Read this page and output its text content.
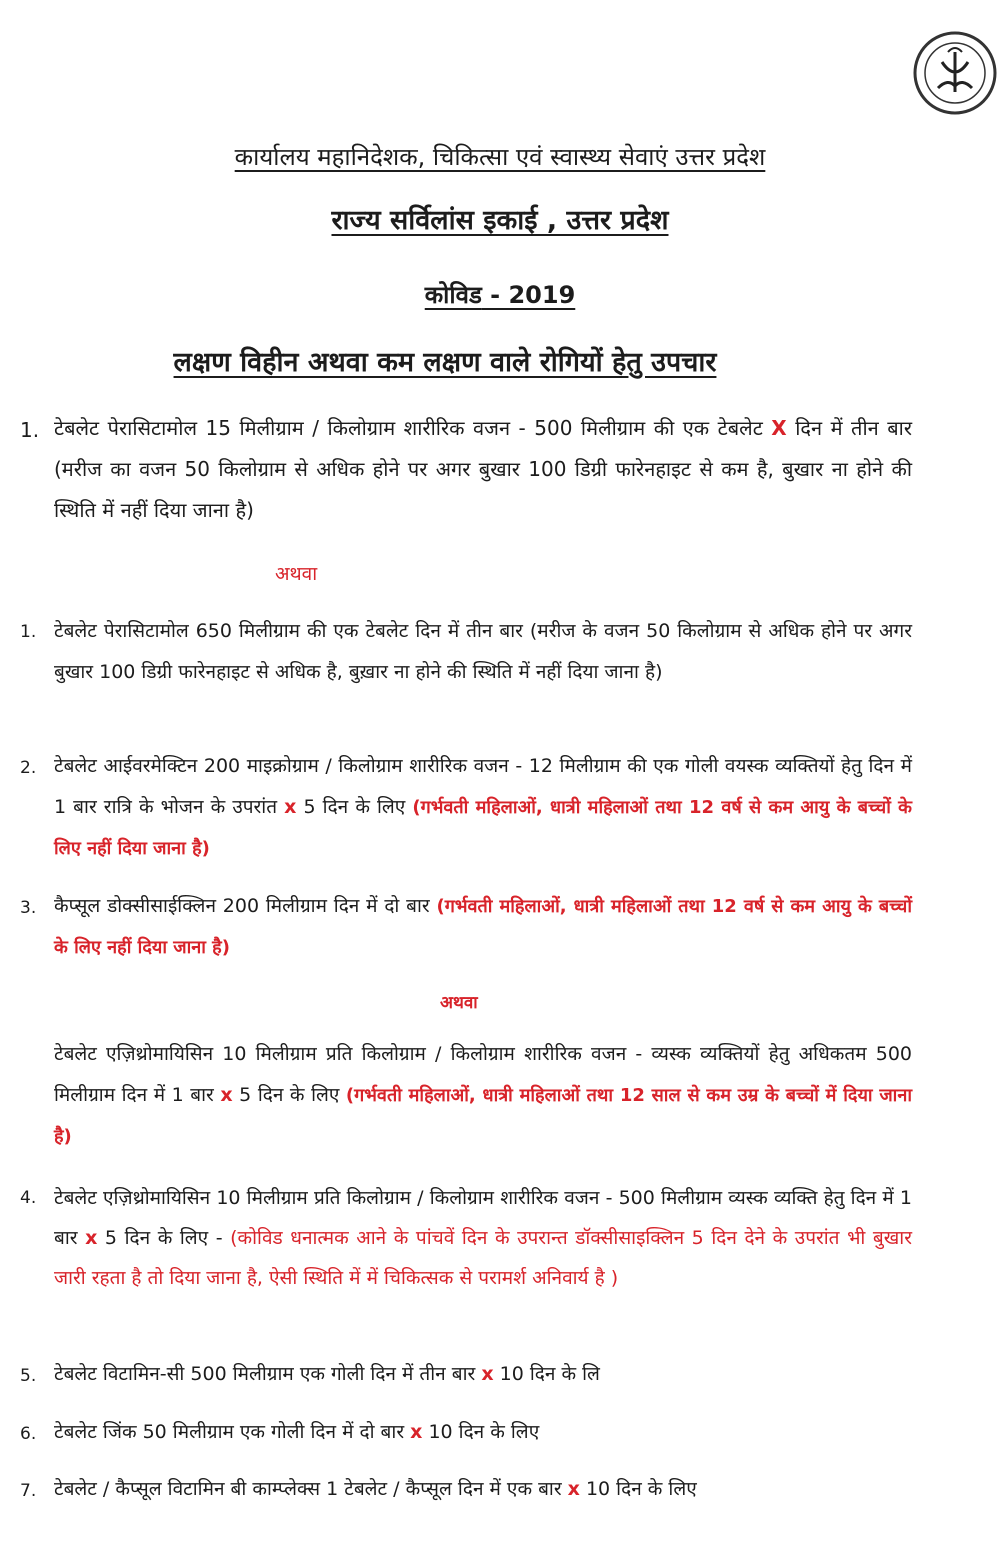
कार्यालय महानिदेशक, चिकित्सा एवं स्वास्थ्य सेवाएं उत्तर प्रदेश
राज्य सर्विलांस इकाई , उत्तर प्रदेश
कोविड - 2019
लक्षण विहीन अथवा कम लक्षण वाले रोगियों हेतु उपचार
1. टेबलेट पेरासिटामोल 15 मिलीग्राम / किलोग्राम शारीरिक वजन - 500 मिलीग्राम की एक टेबलेट X दिन में तीन बार (मरीज का वजन 50 किलोग्राम से अधिक होने पर अगर बुखार 100 डिग्री फारेनहाइट से कम है, बुखार ना होने की स्थिति में नहीं दिया जाना है)
अथवा
1. टेबलेट पेरासिटामोल 650 मिलीग्राम की एक टेबलेट दिन में तीन बार (मरीज के वजन 50 किलोग्राम से अधिक होने पर अगर बुखार 100 डिग्री फारेनहाइट से अधिक है, बुख़ार ना होने की स्थिति में नहीं दिया जाना है)
2. टेबलेट आईवरमेक्टिन 200 माइक्रोग्राम / किलोग्राम शारीरिक वजन - 12 मिलीग्राम की एक गोली वयस्क व्यक्तियों हेतु दिन में 1 बार रात्रि के भोजन के उपरांत x 5 दिन के लिए (गर्भवती महिलाओं, धात्री महिलाओं तथा 12 वर्ष से कम आयु के बच्चों के लिए नहीं दिया जाना है)
3. कैप्सूल डोक्सीसाईक्लिन 200 मिलीग्राम दिन में दो बार (गर्भवती महिलाओं, धात्री महिलाओं तथा 12 वर्ष से कम आयु के बच्चों के लिए नहीं दिया जाना है)
अथवा
टेबलेट एज़िथ्रोमायिसिन 10 मिलीग्राम प्रति किलोग्राम / किलोग्राम शारीरिक वजन - व्यस्क व्यक्तियों हेतु अधिकतम 500 मिलीग्राम दिन में 1 बार x 5 दिन के लिए (गर्भवती महिलाओं, धात्री महिलाओं तथा 12 साल से कम उम्र के बच्चों में दिया जाना है)
4. टेबलेट एज़िथ्रोमायिसिन 10 मिलीग्राम प्रति किलोग्राम / किलोग्राम शारीरिक वजन - 500 मिलीग्राम व्यस्क व्यक्ति हेतु दिन में 1 बार x 5 दिन के लिए - (कोविड धनात्मक आने के पांचवें दिन के उपरान्त डॉक्सीसाइक्लिन 5 दिन देने के उपरांत भी बुखार जारी रहता है तो दिया जाना है, ऐसी स्थिति में में चिकित्सक से परामर्श अनिवार्य है )
5. टेबलेट विटामिन-सी 500 मिलीग्राम एक गोली दिन में तीन बार x 10 दिन के लि
6. टेबलेट जिंक 50 मिलीग्राम एक गोली दिन में दो बार x 10 दिन के लिए
7. टेबलेट / कैप्सूल विटामिन बी काम्प्लेक्स 1 टेबलेट / कैप्सूल दिन में एक बार x 10 दिन के लिए
